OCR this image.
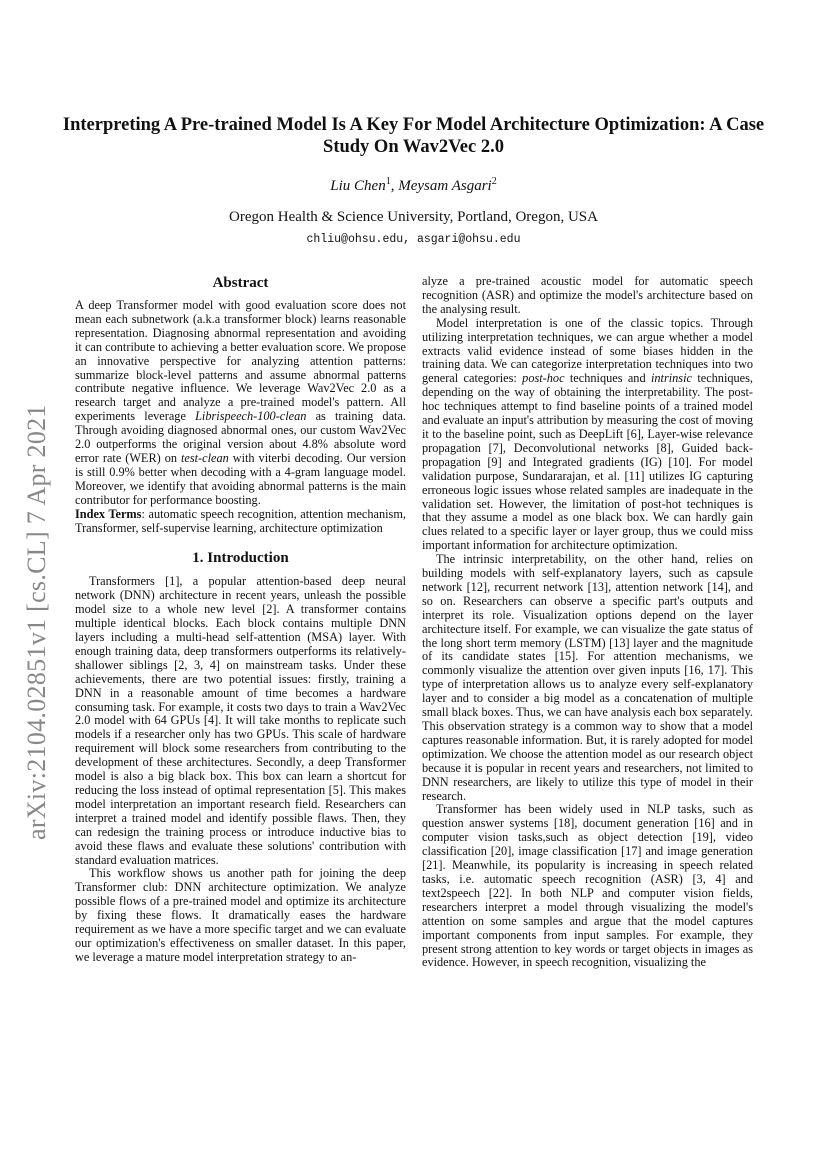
arXiv:2104.02851v1 [cs.CL] 7 Apr 2021
Interpreting A Pre-trained Model Is A Key For Model Architecture Optimization: A Case Study On Wav2Vec 2.0
Liu Chen$^1$, Meysam Asgari$^2$
Oregon Health & Science University, Portland, Oregon, USA
chliu@ohsu.edu, asgari@ohsu.edu
Abstract

A deep Transformer model with good evaluation score does not mean each subnetwork (a.k.a transformer block) learns reasonable representation. Diagnosing abnormal representation and avoiding it can contribute to achieving a better evaluation score. We propose an innovative perspective for analyzing attention patterns: summarize block-level patterns and assume abnormal patterns contribute negative influence. We leverage Wav2Vec 2.0 as a research target and analyze a pre-trained model's pattern. All experiments leverage Librispeech-100-clean as training data. Through avoiding diagnosed abnormal ones, our custom Wav2Vec 2.0 outperforms the original version about 4.8% absolute word error rate (WER) on test-clean with viterbi decoding. Our version is still 0.9% better when decoding with a 4-gram language model. Moreover, we identify that avoiding abnormal patterns is the main contributor for performance boosting.

Index Terms: automatic speech recognition, attention mechanism, Transformer, self-supervise learning, architecture optimization

1. Introduction

Transformers [1], a popular attention-based deep neural network (DNN) architecture in recent years, unleash the possible model size to a whole new level [2]. A transformer contains multiple identical blocks. Each block contains multiple DNN layers including a multi-head self-attention (MSA) layer. With enough training data, deep transformers outperforms its relatively-shallower siblings [2, 3, 4] on mainstream tasks. Under these achievements, there are two potential issues: firstly, training a DNN in a reasonable amount of time becomes a hardware consuming task. For example, it costs two days to train a Wav2Vec 2.0 model with 64 GPUs [4]. It will take months to replicate such models if a researcher only has two GPUs. This scale of hardware requirement will block some researchers from contributing to the development of these architectures. Secondly, a deep Transformer model is also a big black box. This box can learn a shortcut for reducing the loss instead of optimal representation [5]. This makes model interpretation an important research field. Researchers can interpret a trained model and identify possible flaws. Then, they can redesign the training process or introduce inductive bias to avoid these flaws and evaluate these solutions' contribution with standard evaluation matrices.

This workflow shows us another path for joining the deep Transformer club: DNN architecture optimization. We analyze possible flows of a pre-trained model and optimize its architecture by fixing these flows. It dramatically eases the hardware requirement as we have a more specific target and we can evaluate our optimization's effectiveness on smaller dataset. In this paper, we leverage a mature model interpretation strategy to an-

alyze a pre-trained acoustic model for automatic speech recognition (ASR) and optimize the model's architecture based on the analysing result.

Model interpretation is one of the classic topics. Through utilizing interpretation techniques, we can argue whether a model extracts valid evidence instead of some biases hidden in the training data. We can categorize interpretation techniques into two general categories: post-hoc techniques and intrinsic techniques, depending on the way of obtaining the interpretability. The post-hoc techniques attempt to find baseline points of a trained model and evaluate an input's attribution by measuring the cost of moving it to the baseline point, such as DeepLift [6], Layer-wise relevance propagation [7], Deconvolutional networks [8], Guided back-propagation [9] and Integrated gradients (IG) [10]. For model validation purpose, Sundararajan, et al. [11] utilizes IG capturing erroneous logic issues whose related samples are inadequate in the validation set. However, the limitation of post-hot techniques is that they assume a model as one black box. We can hardly gain clues related to a specific layer or layer group, thus we could miss important information for architecture optimization.

The intrinsic interpretability, on the other hand, relies on building models with self-explanatory layers, such as capsule network [12], recurrent network [13], attention network [14], and so on. Researchers can observe a specific part's outputs and interpret its role. Visualization options depend on the layer architecture itself. For example, we can visualize the gate status of the long short term memory (LSTM) [13] layer and the magnitude of its candidate states [15]. For attention mechanisms, we commonly visualize the attention over given inputs [16, 17]. This type of interpretation allows us to analyze every self-explanatory layer and to consider a big model as a concatenation of multiple small black boxes. Thus, we can have analysis each box separately. This observation strategy is a common way to show that a model captures reasonable information. But, it is rarely adopted for model optimization. We choose the attention model as our research object because it is popular in recent years and researchers, not limited to DNN researchers, are likely to utilize this type of model in their research.

Transformer has been widely used in NLP tasks, such as question answer systems [18], document generation [16] and in computer vision tasks,such as object detection [19], video classification [20], image classification [17] and image generation [21]. Meanwhile, its popularity is increasing in speech related tasks, i.e. automatic speech recognition (ASR) [3, 4] and text2speech [22]. In both NLP and computer vision fields, researchers interpret a model through visualizing the model's attention on some samples and argue that the model captures important components from input samples. For example, they present strong attention to key words or target objects in images as evidence. However, in speech recognition, visualizing the
